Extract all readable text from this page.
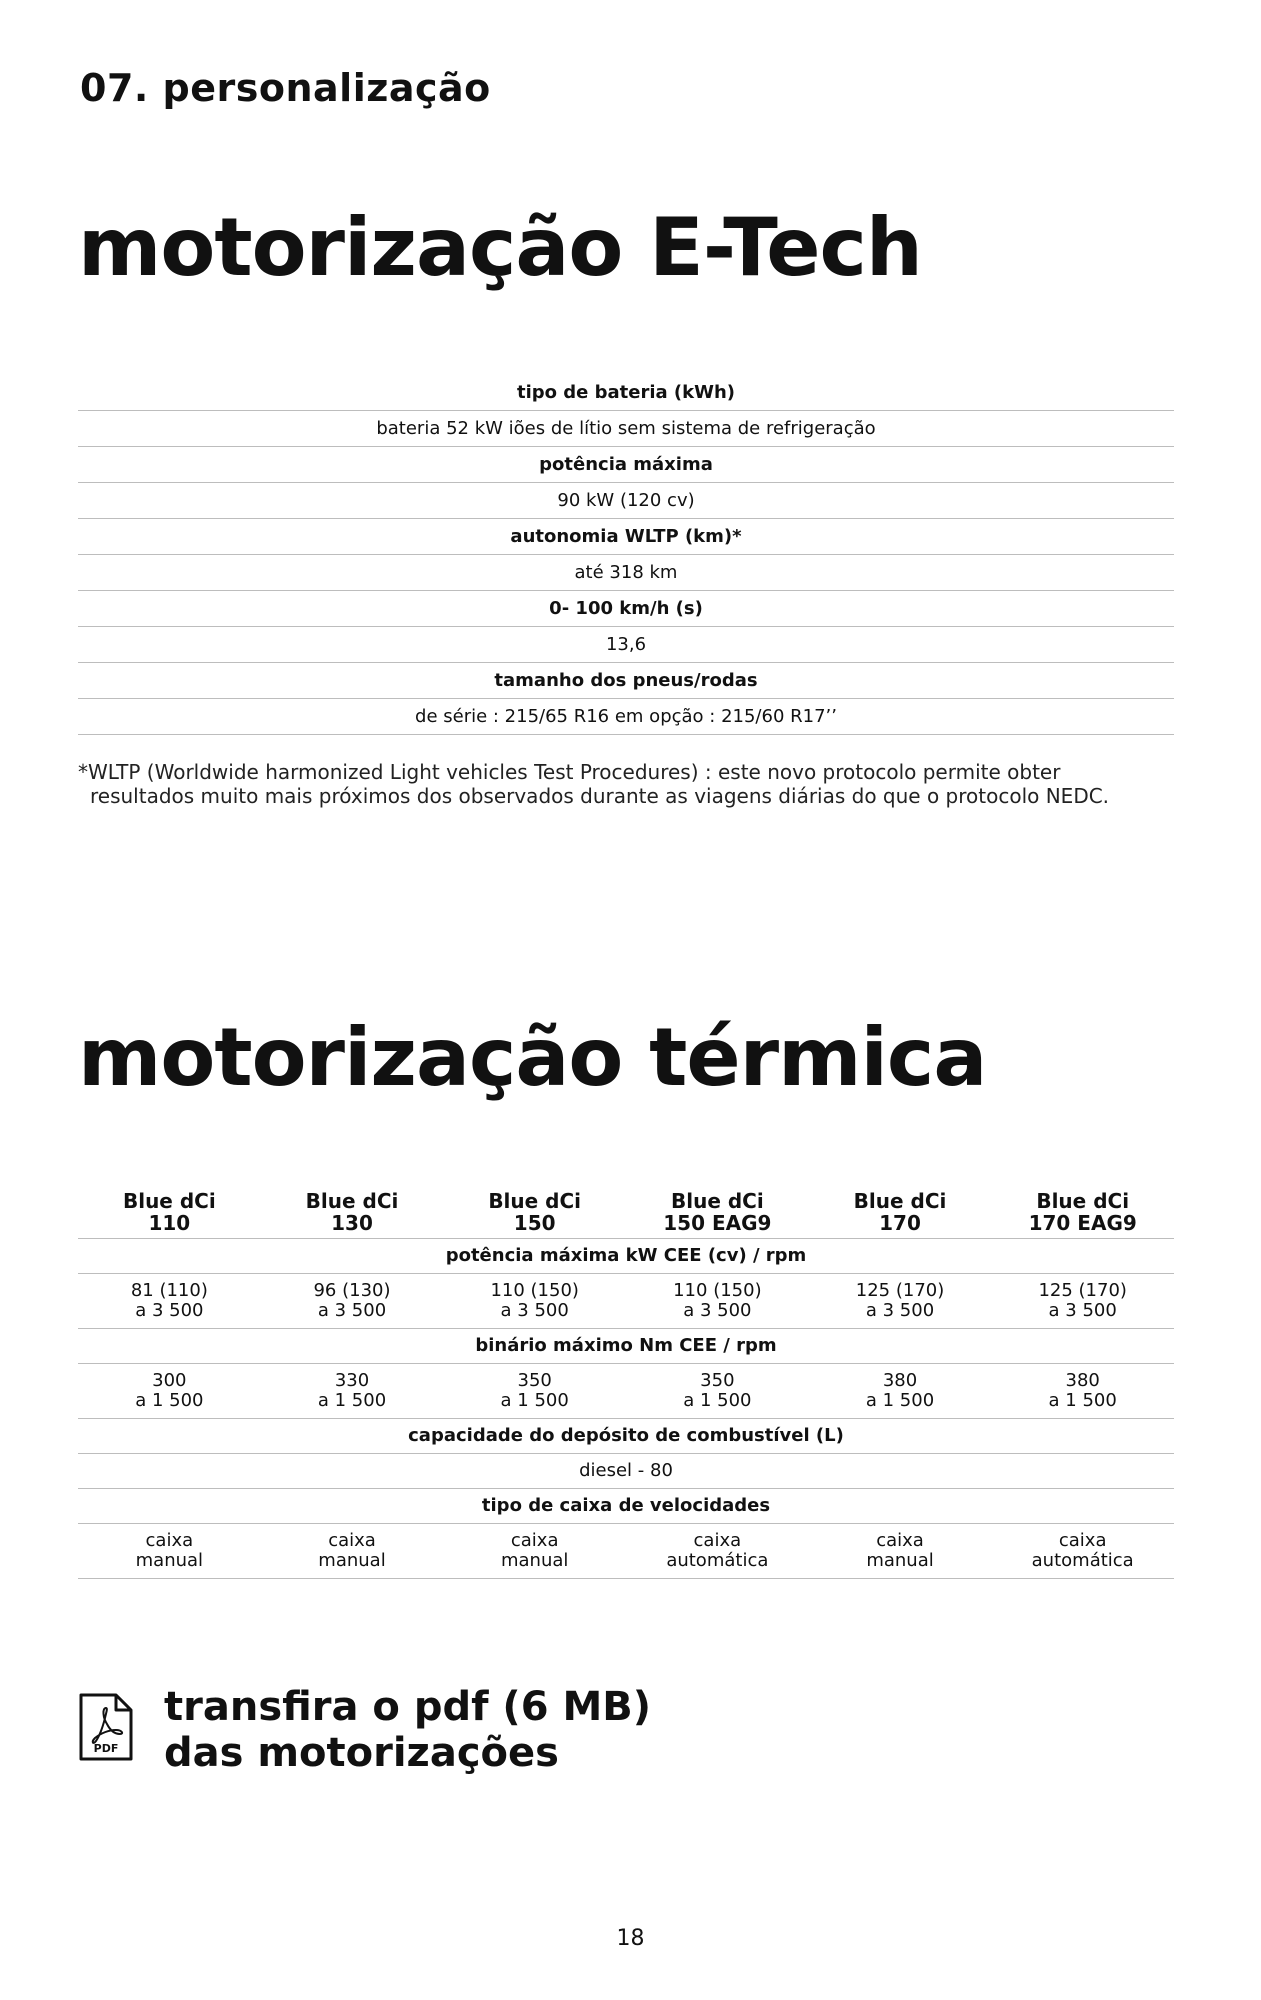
07. personalização
motorização E-Tech
tipo de bateria (kWh)
bateria 52 kW iões de lítio sem sistema de refrigeração
potência máxima
90 kW (120 cv)
autonomia WLTP (km)*
até 318 km
0- 100 km/h (s)
13,6
tamanho dos pneus/rodas
de série : 215/65 R16 em opção : 215/60 R17’’
*WLTP (Worldwide harmonized Light vehicles Test Procedures) : este novo protocolo permite obter
resultados muito mais próximos dos observados durante as viagens diárias do que o protocolo NEDC.
motorização térmica
Blue dCi
110
Blue dCi
130
Blue dCi
150
Blue dCi
150 EAG9
Blue dCi
170
Blue dCi
170 EAG9
potência máxima kW CEE (cv) / rpm
81 (110)
a 3 500
96 (130)
a 3 500
110 (150)
a 3 500
110 (150)
a 3 500
125 (170)
a 3 500
125 (170)
a 3 500
binário máximo Nm CEE / rpm
300
a 1 500
330
a 1 500
350
a 1 500
350
a 1 500
380
a 1 500
380
a 1 500
capacidade do depósito de combustível (L)
diesel - 80
tipo de caixa de velocidades
caixa
manual
caixa
manual
caixa
manual
caixa
automática
caixa
manual
caixa
automática
PDF
transfira o pdf (6 MB)
das motorizações
18
